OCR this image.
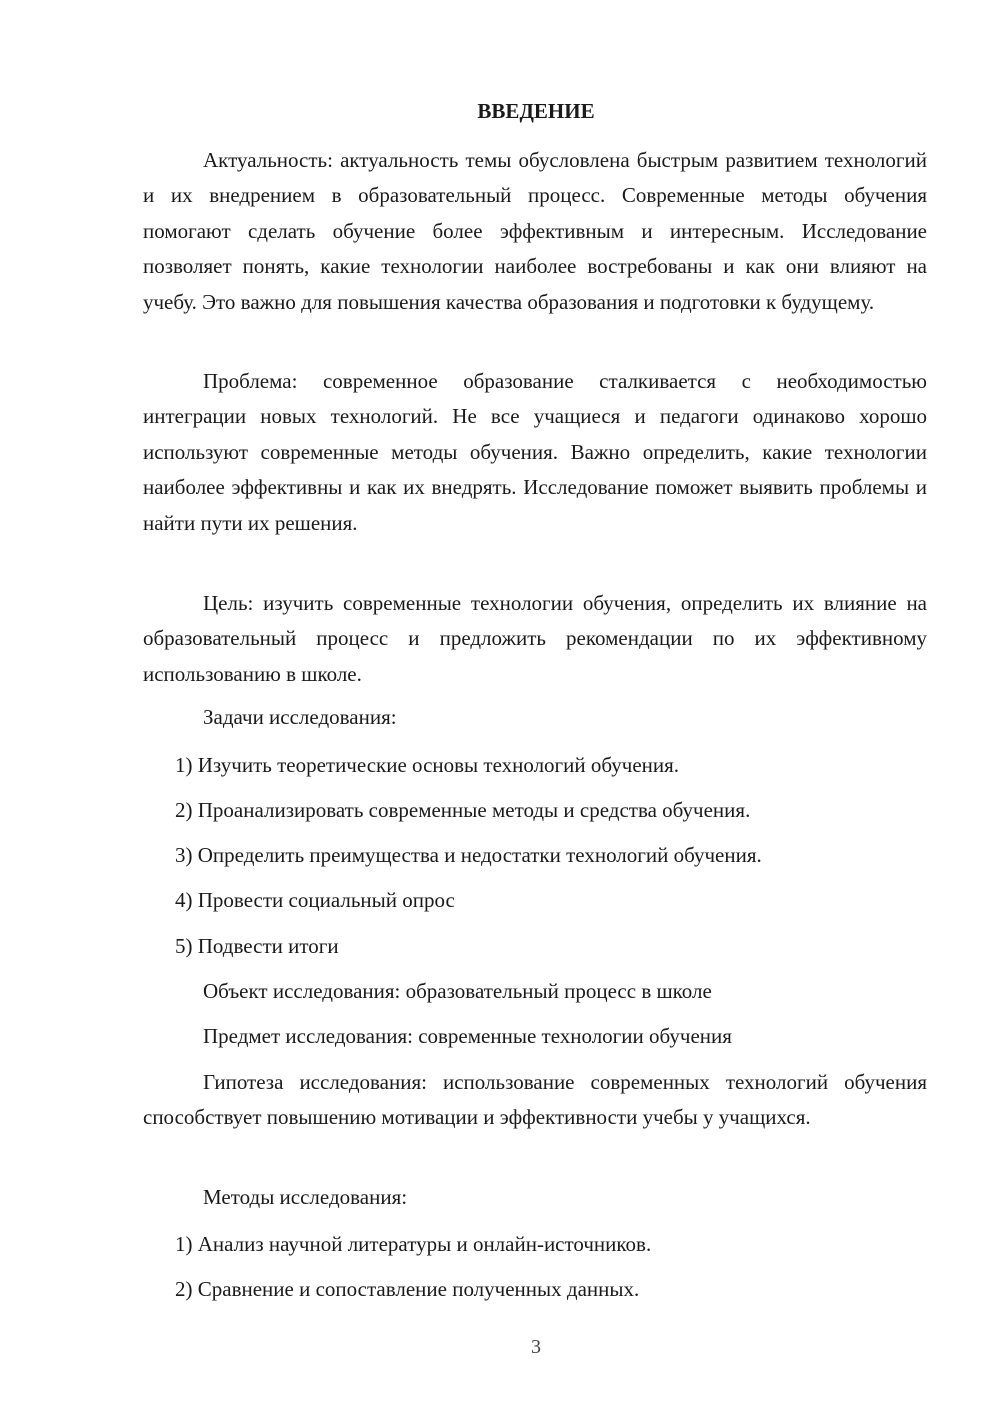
ВВЕДЕНИЕ

Актуальность: актуальность темы обусловлена быстрым развитием технологий и их внедрением в образовательный процесс. Современные методы обучения помогают сделать обучение более эффективным и интересным. Исследование позволяет понять, какие технологии наиболее востребованы и как они влияют на учебу. Это важно для повышения качества образования и подготовки к будущему.

Проблема: современное образование сталкивается с необходимостью интеграции новых технологий. Не все учащиеся и педагоги одинаково хорошо используют современные методы обучения. Важно определить, какие технологии наиболее эффективны и как их внедрять. Исследование поможет выявить проблемы и найти пути их решения.

Цель: изучить современные технологии обучения, определить их влияние на образовательный процесс и предложить рекомендации по их эффективному использованию в школе.

Задачи исследования:

1) Изучить теоретические основы технологий обучения.

2) Проанализировать современные методы и средства обучения.

3) Определить преимущества и недостатки технологий обучения.

4) Провести социальный опрос

5) Подвести итоги

Объект исследования: образовательный процесс в школе

Предмет исследования: современные технологии обучения

Гипотеза исследования: использование современных технологий обучения способствует повышению мотивации и эффективности учебы у учащихся.

Методы исследования:

1) Анализ научной литературы и онлайн-источников.

2) Сравнение и сопоставление полученных данных.

3
